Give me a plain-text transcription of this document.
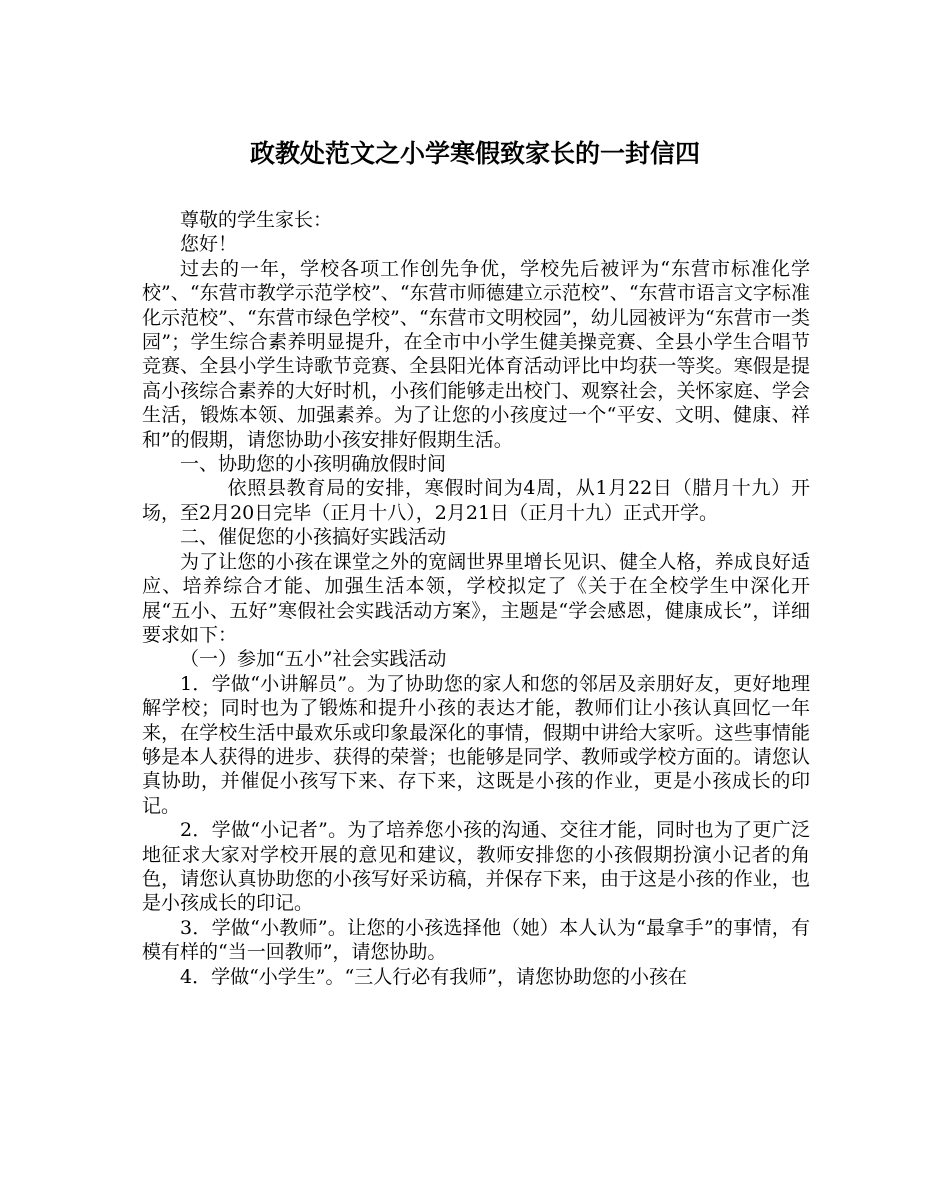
政教处范文之小学寒假致家长的一封信四

尊敬的学生家长：

您好！

过去的一年，学校各项工作创先争优，学校先后被评为“东营市标准化学校”、“东营市教学示范学校”、“东营市师德建立示范校”、“东营市语言文字标准化示范校”、“东营市绿色学校”、“东营市文明校园”，幼儿园被评为“东营市一类园”；学生综合素养明显提升，在全市中小学生健美操竞赛、全县小学生合唱节竞赛、全县小学生诗歌节竞赛、全县阳光体育活动评比中均获一等奖。寒假是提高小孩综合素养的大好时机，小孩们能够走出校门、观察社会，关怀家庭、学会生活，锻炼本领、加强素养。为了让您的小孩度过一个“平安、文明、健康、祥和”的假期，请您协助小孩安排好假期生活。

一、协助您的小孩明确放假时间

依照县教育局的安排，寒假时间为4周，从1月22日（腊月十九）开场，至2月20日完毕（正月十八），2月21日（正月十九）正式开学。

二、催促您的小孩搞好实践活动

为了让您的小孩在课堂之外的宽阔世界里增长见识、健全人格，养成良好适应、培养综合才能、加强生活本领，学校拟定了《关于在全校学生中深化开展“五小、五好”寒假社会实践活动方案》，主题是“学会感恩，健康成长”，详细要求如下：

（一）参加“五小”社会实践活动

1．学做“小讲解员”。为了协助您的家人和您的邻居及亲朋好友，更好地理解学校；同时也为了锻炼和提升小孩的表达才能，教师们让小孩认真回忆一年来，在学校生活中最欢乐或印象最深化的事情，假期中讲给大家听。这些事情能够是本人获得的进步、获得的荣誉；也能够是同学、教师或学校方面的。请您认真协助，并催促小孩写下来、存下来，这既是小孩的作业，更是小孩成长的印记。

2．学做“小记者”。为了培养您小孩的沟通、交往才能，同时也为了更广泛地征求大家对学校开展的意见和建议，教师安排您的小孩假期扮演小记者的角色，请您认真协助您的小孩写好采访稿，并保存下来，由于这是小孩的作业，也是小孩成长的印记。

3．学做“小教师”。让您的小孩选择他（她）本人认为“最拿手”的事情，有模有样的“当一回教师”，请您协助。

4．学做“小学生”。“三人行必有我师”，请您协助您的小孩在
